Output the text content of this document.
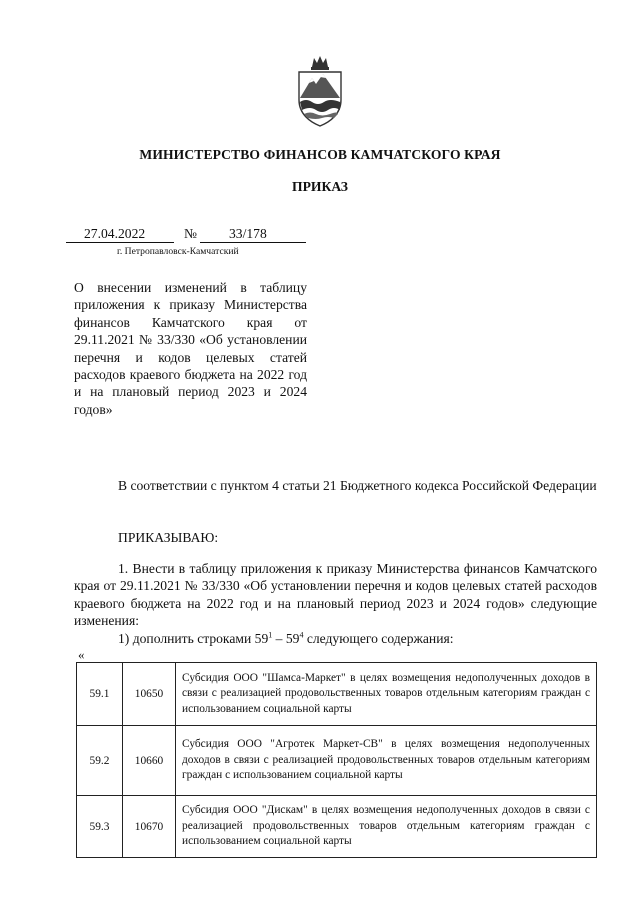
МИНИСТЕРСТВО ФИНАНСОВ КАМЧАТСКОГО КРАЯ
ПРИКАЗ
27.04.2022	№ 33/178
г. Петропавловск-Камчатский
О внесении изменений в таблицу приложения к приказу Министерства финансов Камчатского края от 29.11.2021 № 33/330 «Об установлении перечня и кодов целевых статей расходов краевого бюджета на 2022 год и на плановый период 2023 и 2024 годов»
В соответствии с пунктом 4 статьи 21 Бюджетного кодекса Российской Федерации
ПРИКАЗЫВАЮ:
1. Внести в таблицу приложения к приказу Министерства финансов Камчатского края от 29.11.2021 № 33/330 «Об установлении перечня и кодов целевых статей расходов краевого бюджета на 2022 год и на плановый период 2023 и 2024 годов» следующие изменения:
1) дополнить строками $59^1 - 59^4$ следующего содержания:
«
59.1	10650	Субсидия ООО "Шамса-Маркет" в целях возмещения недополученных доходов в связи с реализацией продовольственных товаров отдельным категориям граждан с использованием социальной карты
59.2	10660	Субсидия ООО "Агротек Маркет-СВ" в целях возмещения недополученных доходов в связи с реализацией продовольственных товаров отдельным категориям граждан с использованием социальной карты
59.3	10670	Субсидия ООО "Дискам" в целях возмещения недополученных доходов в связи с реализацией продовольственных товаров отдельным категориям граждан с использованием социальной карты
